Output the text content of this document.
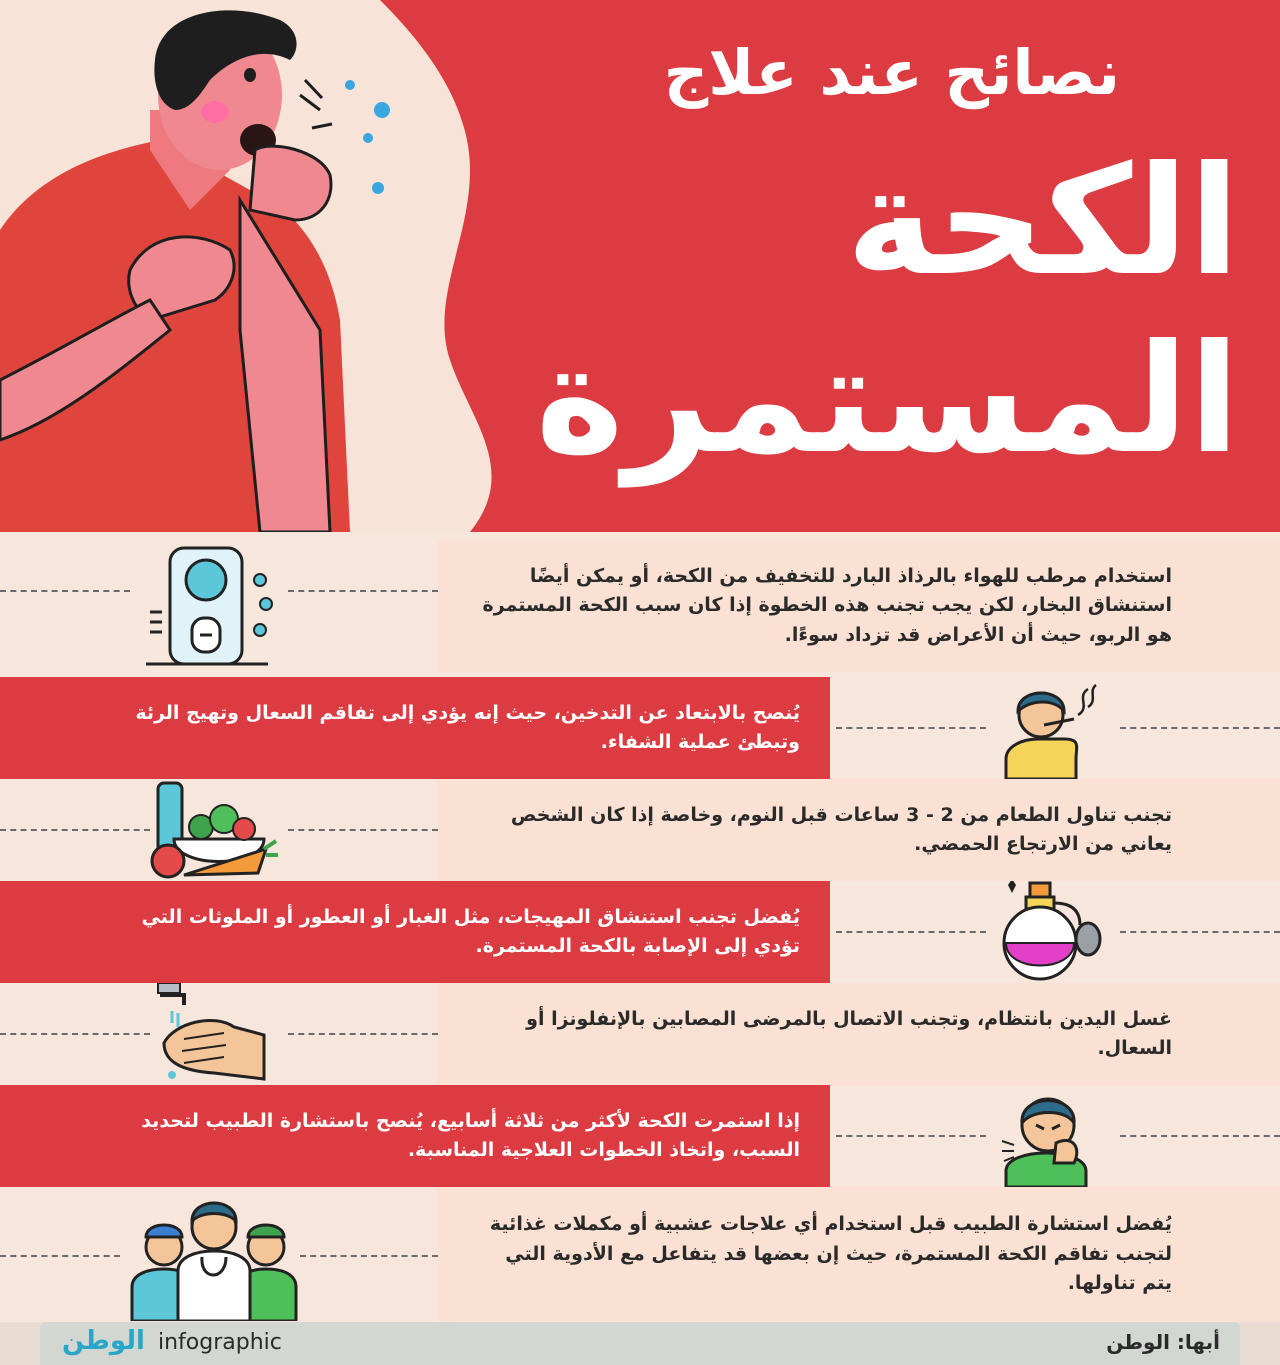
نصائح عند علاج
الكحة
المستمرة

استخدام مرطب للهواء بالرذاذ البارد للتخفيف من الكحة، أو يمكن أيضًا استنشاق البخار، لكن يجب تجنب هذه الخطوة إذا كان سبب الكحة المستمرة هو الربو، حيث أن الأعراض قد تزداد سوءًا.

يُنصح بالابتعاد عن التدخين، حيث إنه يؤدي إلى تفاقم السعال وتهيج الرئة وتبطئ عملية الشفاء.

تجنب تناول الطعام من 2 - 3 ساعات قبل النوم، وخاصة إذا كان الشخص يعاني من الارتجاع الحمضي.

يُفضل تجنب استنشاق المهيجات، مثل الغبار أو العطور أو الملوثات التي تؤدي إلى الإصابة بالكحة المستمرة.

غسل اليدين بانتظام، وتجنب الاتصال بالمرضى المصابين بالإنفلونزا أو السعال.

إذا استمرت الكحة لأكثر من ثلاثة أسابيع، يُنصح باستشارة الطبيب لتحديد السبب، واتخاذ الخطوات العلاجية المناسبة.

يُفضل استشارة الطبيب قبل استخدام أي علاجات عشبية أو مكملات غذائية لتجنب تفاقم الكحة المستمرة، حيث إن بعضها قد يتفاعل مع الأدوية التي يتم تناولها.

الوطن infographic	أبها: الوطن
